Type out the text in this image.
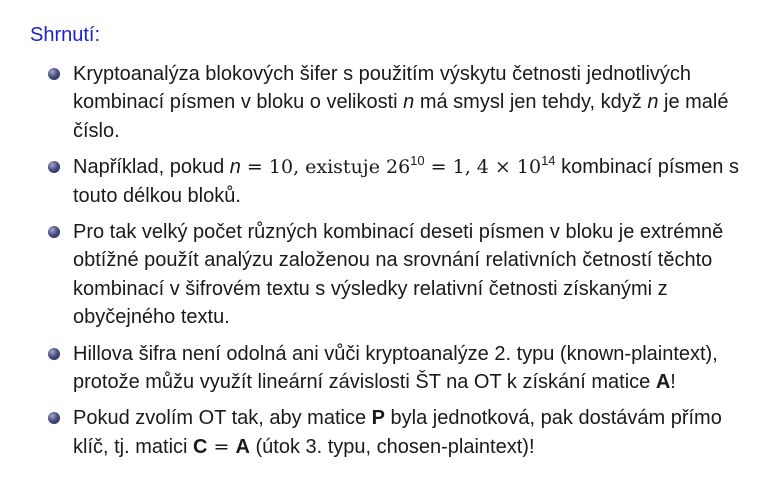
Shrnutí:
Kryptoanalýza blokových šifer s použitím výskytu četnosti jednotlivých kombinací písmen v bloku o velikosti n má smysl jen tehdy, když n je malé číslo.
Například, pokud n = 10, existuje $26^{10} = 1$, $4 \times 10^{14}$ kombinací písmen s touto délkou bloků.
Pro tak velký počet různých kombinací deseti písmen v bloku je extrémně obtížné použít analýzu založenou na srovnání relativních četností těchto kombinací v šifrovém textu s výsledky relativní četnosti získanými z obyčejného textu.
Hillova šifra není odolná ani vůči kryptoanalýze 2. typu (known-plaintext), protože můžu využít lineární závislosti ŠT na OT k získání matice A!
Pokud zvolím OT tak, aby matice P byla jednotková, pak dostávám přímo klíč, tj. matici C = A (útok 3. typu, chosen-plaintext)!
